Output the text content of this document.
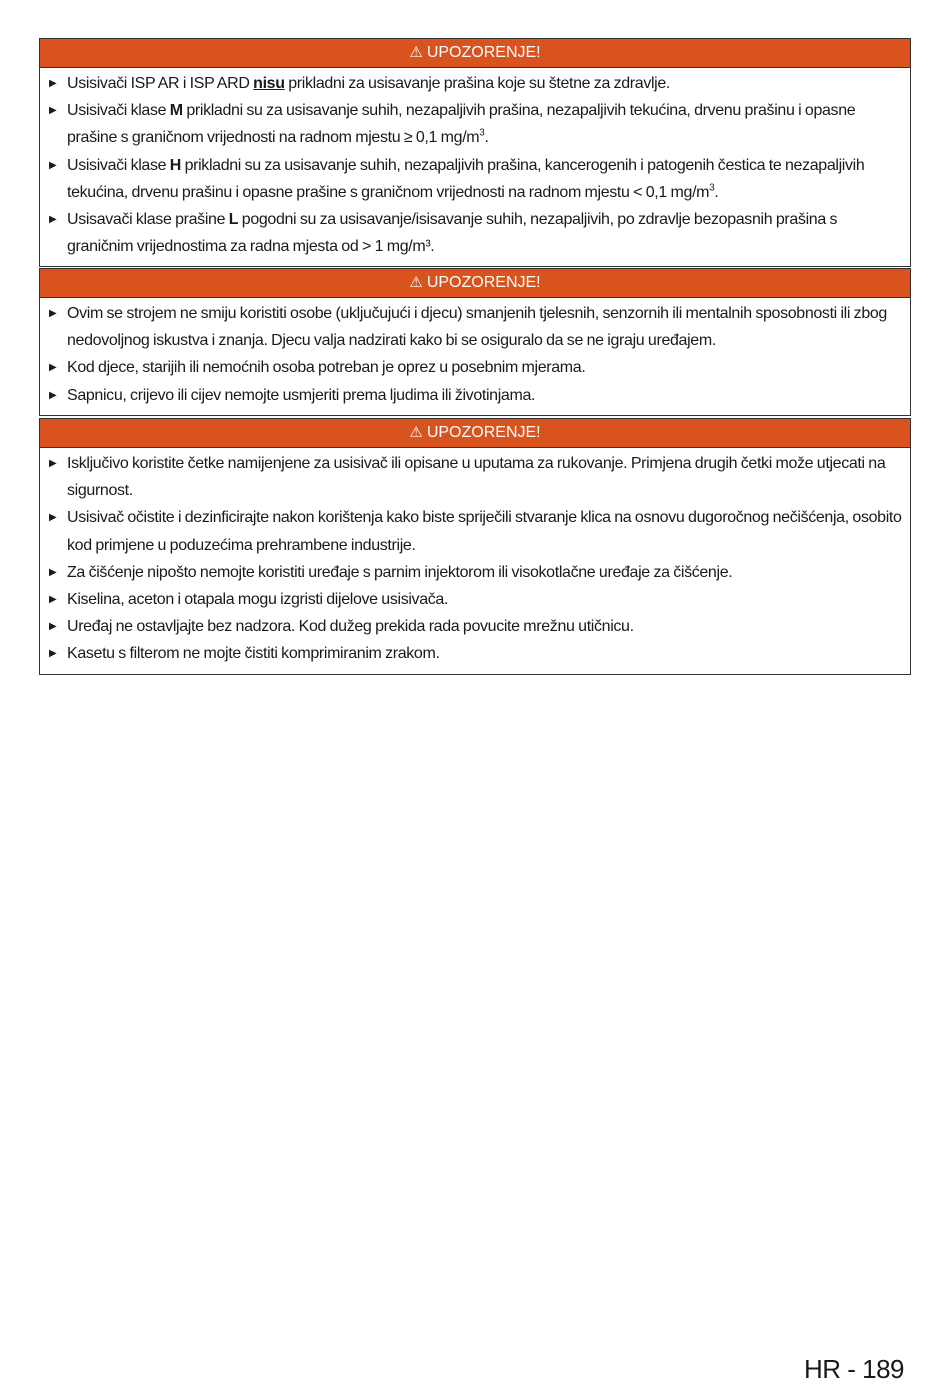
⚠ UPOZORENJE!
▶ Usisivači ISP AR i ISP ARD nisu prikladni za usisavanje prašina koje su štetne za zdravlje.
▶ Usisivači klase M prikladni su za usisavanje suhih, nezapaljivih prašina, nezapaljivih tekućina, drvenu prašinu i opasne prašine s graničnom vrijednosti na radnom mjestu ≥ 0,1 $mg/m^3$.
▶ Usisivači klase H prikladni su za usisavanje suhih, nezapaljivih prašina, kancerogenih i patogenih čestica te nezapaljivih tekućina, drvenu prašinu i opasne prašine s graničnom vrijednosti na radnom mjestu < 0,1 $mg/m^3$.
▶ Usisavači klase prašine L pogodni su za usisavanje/isisavanje suhih, nezapaljivih, po zdravlje bezopasnih prašina s graničnim vrijednostima za radna mjesta od > 1 mg/m³.
⚠ UPOZORENJE!
▶ Ovim se strojem ne smiju koristiti osobe (uključujući i djecu) smanjenih tjelesnih, senzornih ili mentalnih sposobnosti ili zbog nedovoljnog iskustva i znanja. Djecu valja nadzirati kako bi se osiguralo da se ne igraju uređajem.
▶ Kod djece, starijih ili nemoćnih osoba potreban je oprez u posebnim mjerama.
▶ Sapnicu, crijevo ili cijev nemojte usmjeriti prema ljudima ili životinjama.
⚠ UPOZORENJE!
▶ Isključivo koristite četke namijenjene za usisivač ili opisane u uputama za rukovanje. Primjena drugih četki može utjecati na sigurnost.
▶ Usisivač očistite i dezinficirajte nakon korištenja kako biste spriječili stvaranje klica na osnovu dugoročnog nečišćenja, osobito kod primjene u poduzećima prehrambene industrije.
▶ Za čišćenje nipošto nemojte koristiti uređaje s parnim injektorom ili visokotlačne uređaje za čišćenje.
▶ Kiselina, aceton i otapala mogu izgristi dijelove usisivača.
▶ Uređaj ne ostavljajte bez nadzora. Kod dužeg prekida rada povucite mrežnu utičnicu.
▶ Kasetu s filterom ne mojte čistiti komprimiranim zrakom.
HR - 189
